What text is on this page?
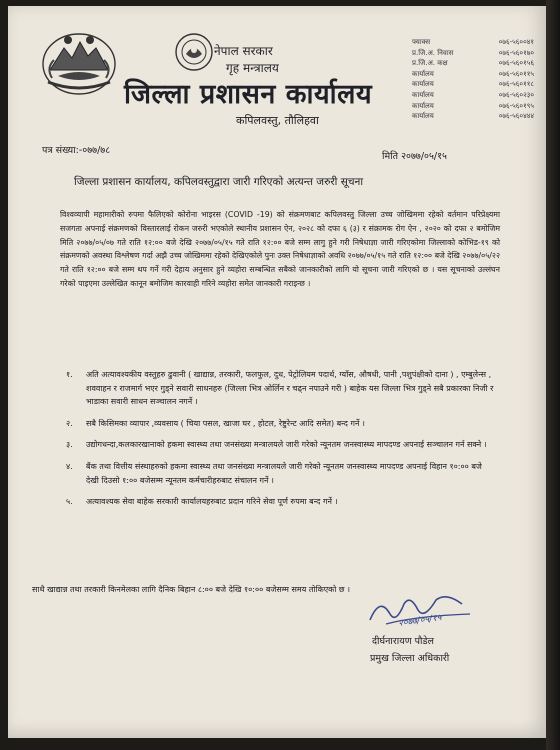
नेपाल सरकार
गृह मन्त्रालय
जिल्ला प्रशासन कार्यालय
कपिलवस्तु, तौलिहवा
फ्याक्स	०७६-५६००४१
प्र.जि.अ. निवास	०७६-५६०१७०
प्र.जि.अ. कक्ष	०७६-५६०१५६
कार्यालय	०७६-५६०११५
कार्यालय	०७६-५६०११८
कार्यालय	०७६-५६०२३०
कार्यालय	०७६-५६०१९५
कार्यालय	०७६-५६०४४४
पत्र संख्या:-०७७/७८
मिति २०७७/०५/१५
जिल्ला प्रशासन कार्यालय, कपिलवस्तुद्वारा जारी गरिएको अत्यन्त जरुरी सूचना
विश्वव्यापी महामारीको रुपमा फैलिएको कोरोना भाइरस (COVID -19) को संक्रमणबाट कपिलवस्तु जिल्ला उच्च जोखिममा रहेको वर्तमान परिप्रेक्ष्यमा सजगता अपनाई संक्रमणको विस्तारलाई रोकन जरुरी भएकोले स्थानीय प्रशासन ऐन, २०२८ को दफा ६ (३) र संक्रामक रोग ऐन , २०२० को दफा २ बमोजिम मिति २०७७/०५/०७ गते राति १२:०० बजे देखि २०७७/०५/१५ गते राति १२:०० बजे सम्म लागु हुने गरी निषेधाज्ञा जारी गरिएकोमा जिल्लाको कोभिड-१९ को संक्रमणको अवस्था विश्लेषण गर्दा अझै उच्च जोखिममा रहेको देखिएकोले पुनः उक्त निषेधाज्ञाको अवधि २०७७/०५/१५ गते राति १२:०० बजे देखि २०७७/०५/२२ गते राति १२:०० बजे सम्म थप गर्ने गरी देहाय अनुसार हुने व्यहोरा सम्बन्धित सबैको जानकारीको लागि यो सूचना जारी गरिएको छ । यस सूचनाको उल्लंघन गरेको पाइएमा उल्लेखित कानून बमोजिम कारवाही गरिने व्यहोरा समेत जानकारी गराइन्छ ।
१.	अति अत्यावश्यकीय वस्तुहरु ढुवानी ( खाद्यान्न, तरकारी, फलफुल, दुध, पेट्रोलियम पदार्थ, ग्याँस, औषधी, पानी ,पशुपंक्षीको दाना ) , एम्बुलेन्स , शववाहन र राजमार्ग भएर गुड्ने सवारी साधनहरु (जिल्ला भित्र ओर्लिन र चढ्न नपाउने गरी ) बाहेक यस जिल्ला भित्र गुड्ने सबै प्रकारका निजी र भाडाका सवारी साधन सञ्चालन नगर्ने ।
२.	सबै किसिमका व्यापार ,व्यवसाय ( चिया पसल, खाजा घर , होटल, रेष्टुरेन्ट आदि समेत) बन्द गर्ने ।
३.	उद्योगधन्दा,कलकारखानाको हकमा स्वास्थ्य तथा जनसंख्या मन्त्रालयले जारी गरेको न्यूनतम जनस्वास्थ्य मापदण्ड अपनाई सञ्चालन गर्न सक्ने ।
४.	बैंक तथा वित्तीय संस्थाहरुको हकमा स्वास्थ्य तथा जनसंख्या मन्त्रालयले जारी गरेको न्यूनतम जनस्वास्थ्य मापदण्ड अपनाई विहान १०:०० बजे देखी दिउसो १:०० बजेसम्म न्यूनतम कर्मचारीहरुबाट संचालन गर्ने ।
५.	अत्यावश्यक सेवा बाहेक सरकारी कार्यालयहरुबाट प्रदान गरिने सेवा पूर्ण रुपमा बन्द गर्ने ।
साथै खाद्यान्न तथा तरकारी किनमेलका लागि दैनिक बिहान ८:०० बजे देखि १०:०० बजेसम्म समय तोकिएको छ ।
२०७७/०५/१५
दीर्घनारायण पौडेल
प्रमुख जिल्ला अधिकारी
